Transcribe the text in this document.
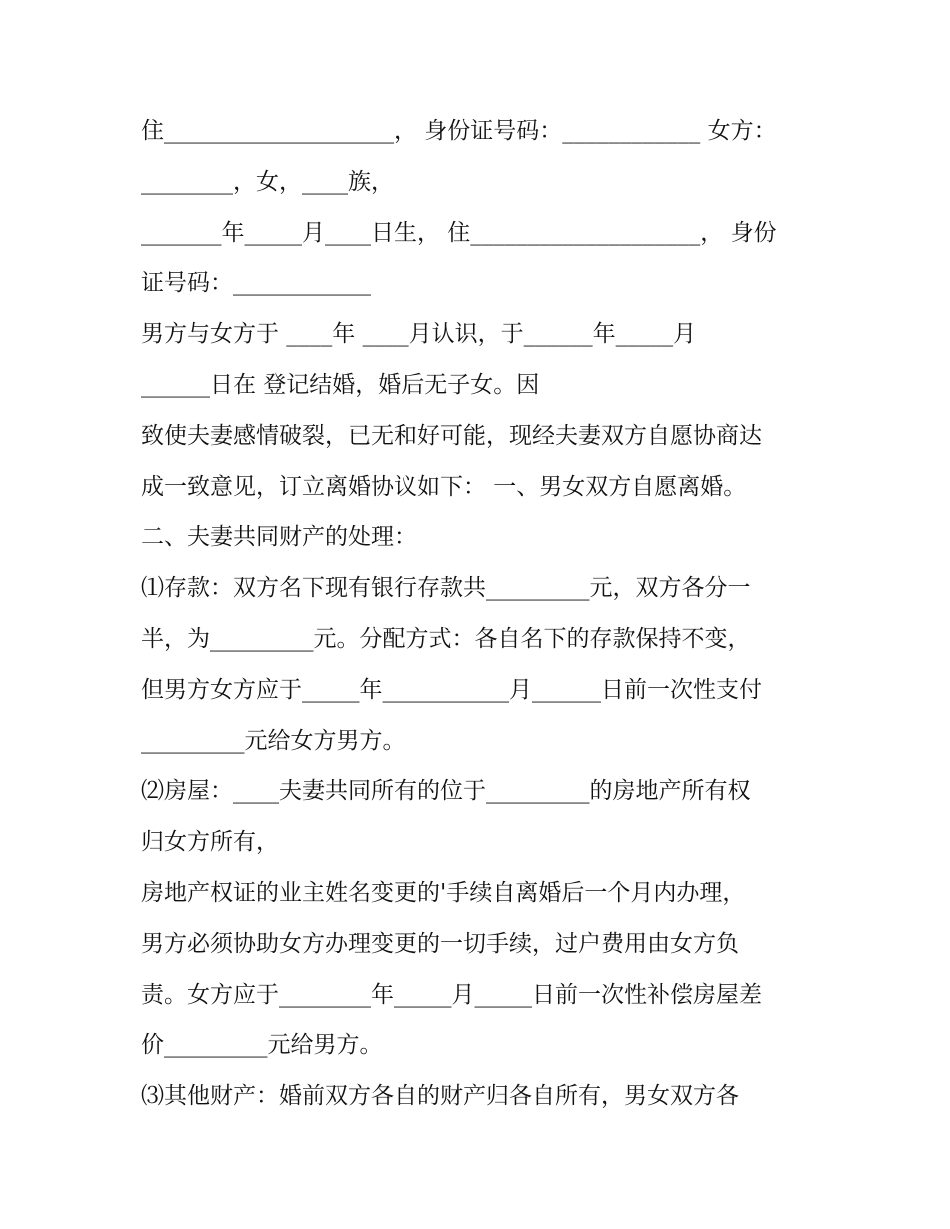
住____________________， 身份证号码：____________ 女方：
________，女，____族，
_______年_____月____日生， 住____________________， 身份
证号码：____________
男方与女方于 ____年 ____月认识，于______年_____月
______日在 登记结婚，婚后无子女。因
致使夫妻感情破裂，已无和好可能，现经夫妻双方自愿协商达
成一致意见，订立离婚协议如下： 一、男女双方自愿离婚。
二、夫妻共同财产的处理：
⑴存款：双方名下现有银行存款共_________元，双方各分一
半，为_________元。分配方式：各自名下的存款保持不变，
但男方女方应于_____年___________月______日前一次性支付
_________元给女方男方。
⑵房屋：____夫妻共同所有的位于_________的房地产所有权
归女方所有，
房地产权证的业主姓名变更的'手续自离婚后一个月内办理，
男方必须协助女方办理变更的一切手续，过户费用由女方负
责。女方应于________年_____月_____日前一次性补偿房屋差
价_________元给男方。
⑶其他财产：婚前双方各自的财产归各自所有，男女双方各
